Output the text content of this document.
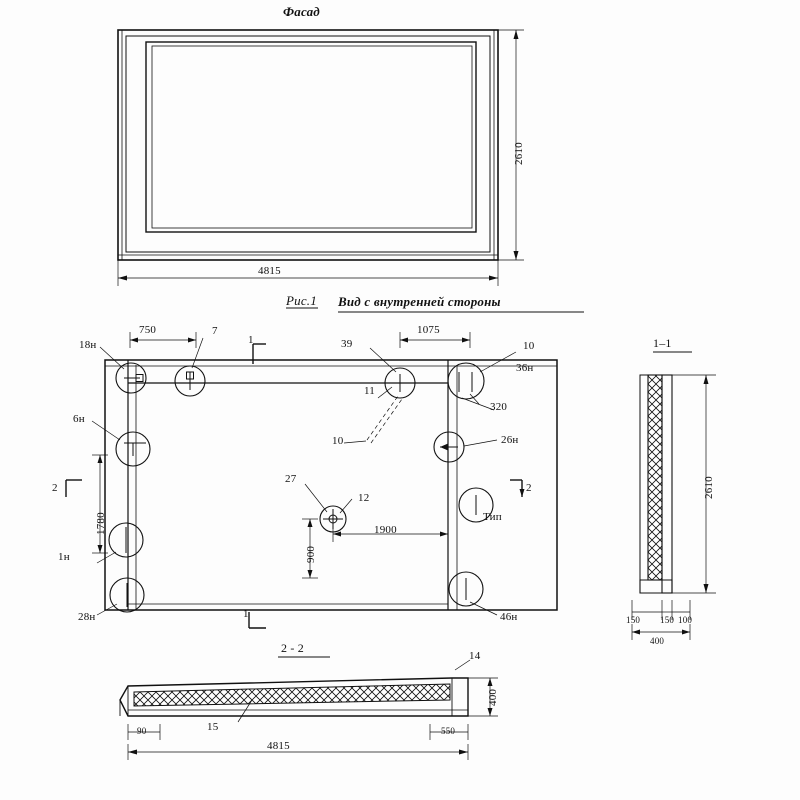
Фасад
4815
2610
Рис.1 Вид с внутренней стороны
18н
750	7
1	39
1075
10
36н
11
320
6н
10	26н
2	2
1780
27
12
Тип
1900
900
1н
28н	1	46н
1–1
2610
150 150 100
400
2 - 2
14
400
15
90	550
4815
